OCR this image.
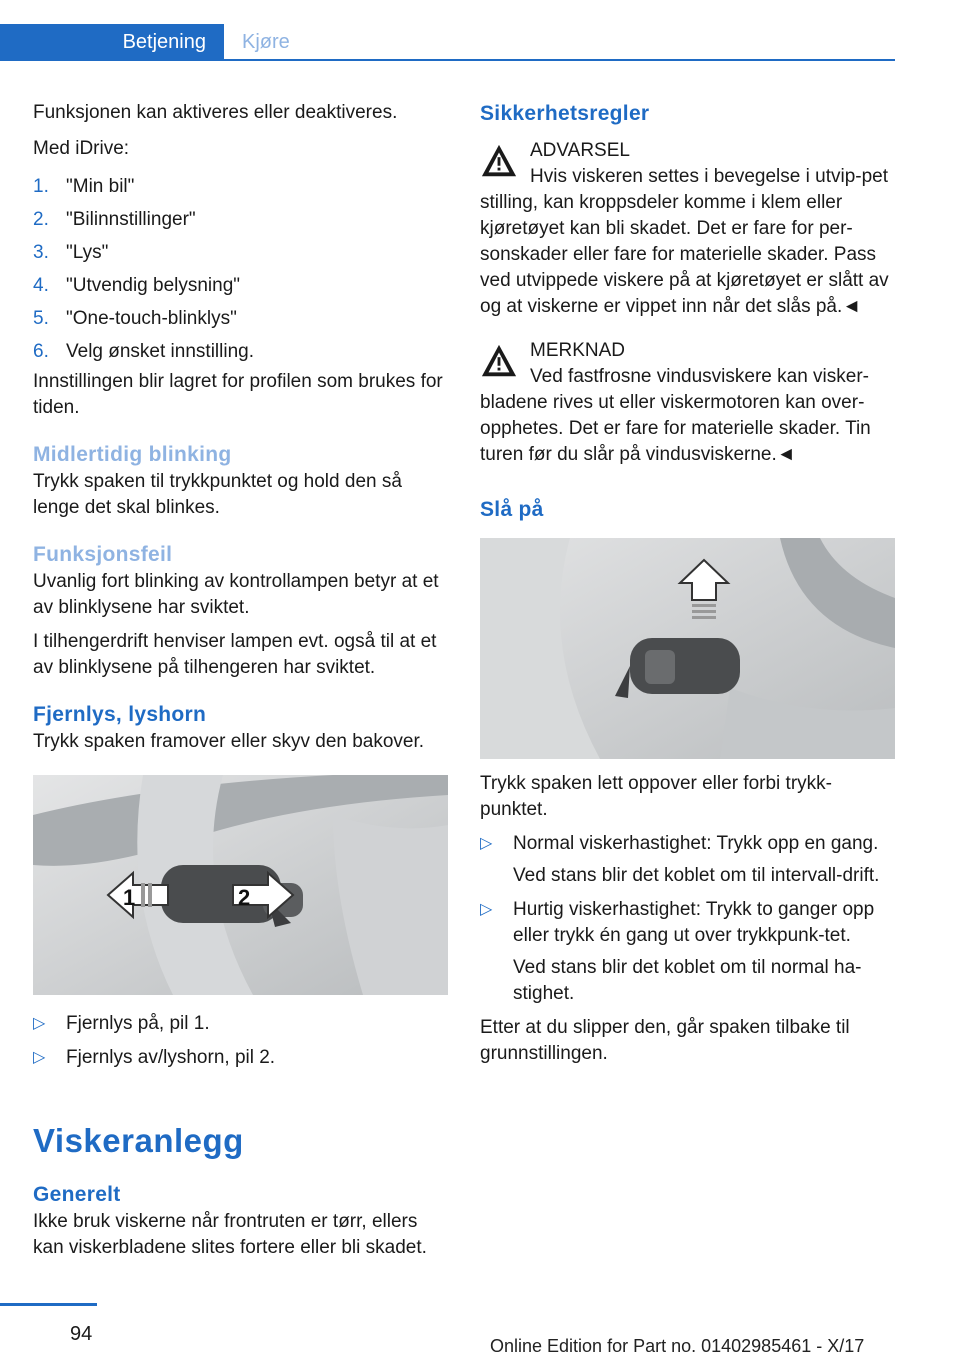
Betjening	Kjøre

Funksjonen kan aktiveres eller deaktiveres.

Med iDrive:

1. "Min bil"
2. "Bilinnstillinger"
3. "Lys"
4. "Utvendig belysning"
5. "One-touch-blinklys"
6. Velg ønsket innstilling.

Innstillingen blir lagret for profilen som brukes for tiden.

Midlertidig blinking

Trykk spaken til trykkpunktet og hold den så lenge det skal blinkes.

Funksjonsfeil

Uvanlig fort blinking av kontrollampen betyr at et av blinklysene har sviktet.

I tilhengerdrift henviser lampen evt. også til at et av blinklysene på tilhengeren har sviktet.

Fjernlys, lyshorn

Trykk spaken framover eller skyv den bakover.

1	2
▷ Fjernlys på, pil 1.
▷ Fjernlys av/lyshorn, pil 2.
Viskeranlegg
Generelt

Ikke bruk viskerne når frontruten er tørr, ellers kan viskerbladene slites fortere eller bli skadet.

Sikkerhetsregler
ADVARSEL
Hvis viskeren settes i bevegelse i utvip-pet stilling, kan kroppsdeler komme i klem eller kjøretøyet kan bli skadet. Det er fare for per-sonskader eller fare for materielle skader. Pass ved utvippede viskere på at kjøretøyet er slått av og at viskerne er vippet inn når det slås på.◄
MERKNAD
Ved fastfrosne vindusviskere kan visker-bladene rives ut eller viskermotoren kan over-opphetes. Det er fare for materielle skader. Tin turen før du slår på vindusviskerne.◄
Slå på

Trykk spaken lett oppover eller forbi trykk-punktet.

▷ Normal viskerhastighet: Trykk opp en gang.
Ved stans blir det koblet om til intervall-drift.
▷ Hurtig viskerhastighet: Trykk to ganger opp eller trykk én gang ut over trykkpunk-tet.
Ved stans blir det koblet om til normal ha-stighet.

Etter at du slipper den, går spaken tilbake til grunnstillingen.

94
Online Edition for Part no. 01402985461 - X/17
